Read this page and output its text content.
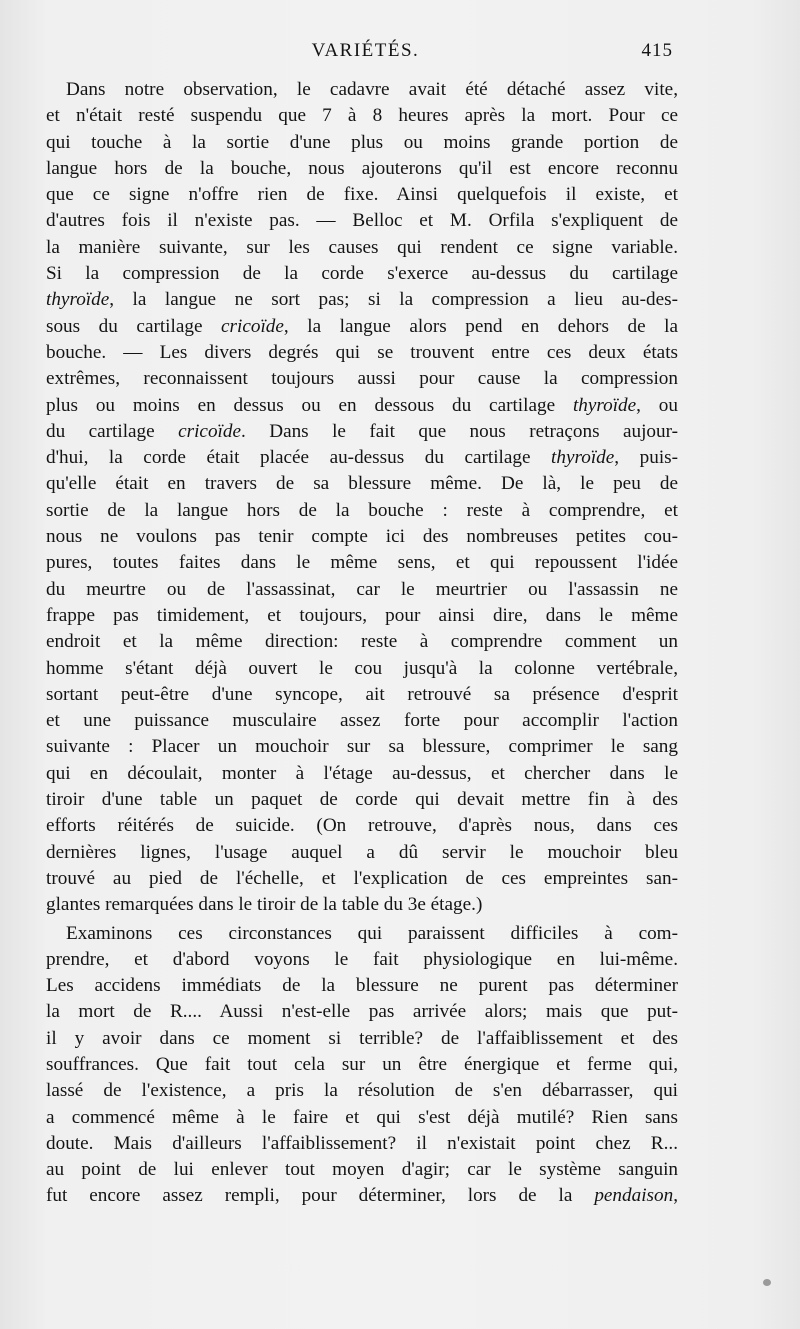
VARIÉTÉS.	415
Dans notre observation, le cadavre avait été détaché assez vite,
et n'était resté suspendu que 7 à 8 heures après la mort. Pour ce
qui touche à la sortie d'une plus ou moins grande portion de
langue hors de la bouche, nous ajouterons qu'il est encore reconnu
que ce signe n'offre rien de fixe. Ainsi quelquefois il existe, et
d'autres fois il n'existe pas. — Belloc et M. Orfila s'expliquent de
la manière suivante, sur les causes qui rendent ce signe variable.
Si la compression de la corde s'exerce au-dessus du cartilage
thyroïde, la langue ne sort pas; si la compression a lieu au-des-
sous du cartilage cricoïde, la langue alors pend en dehors de la
bouche. — Les divers degrés qui se trouvent entre ces deux états
extrêmes, reconnaissent toujours aussi pour cause la compression
plus ou moins en dessus ou en dessous du cartilage thyroïde, ou
du cartilage cricoïde. Dans le fait que nous retraçons aujour-
d'hui, la corde était placée au-dessus du cartilage thyroïde, puis-
qu'elle était en travers de sa blessure même. De là, le peu de
sortie de la langue hors de la bouche : reste à comprendre, et
nous ne voulons pas tenir compte ici des nombreuses petites cou-
pures, toutes faites dans le même sens, et qui repoussent l'idée
du meurtre ou de l'assassinat, car le meurtrier ou l'assassin ne
frappe pas timidement, et toujours, pour ainsi dire, dans le même
endroit et la même direction: reste à comprendre comment un
homme s'étant déjà ouvert le cou jusqu'à la colonne vertébrale,
sortant peut-être d'une syncope, ait retrouvé sa présence d'esprit
et une puissance musculaire assez forte pour accomplir l'action
suivante : Placer un mouchoir sur sa blessure, comprimer le sang
qui en découlait, monter à l'étage au-dessus, et chercher dans le
tiroir d'une table un paquet de corde qui devait mettre fin à des
efforts réitérés de suicide. (On retrouve, d'après nous, dans ces
dernières lignes, l'usage auquel a dû servir le mouchoir bleu
trouvé au pied de l'échelle, et l'explication de ces empreintes san-
glantes remarquées dans le tiroir de la table du 3e étage.)
Examinons ces circonstances qui paraissent difficiles à com-
prendre, et d'abord voyons le fait physiologique en lui-même.
Les accidens immédiats de la blessure ne purent pas déterminer
la mort de R.... Aussi n'est-elle pas arrivée alors; mais que put-
il y avoir dans ce moment si terrible? de l'affaiblissement et des
souffrances. Que fait tout cela sur un être énergique et ferme qui,
lassé de l'existence, a pris la résolution de s'en débarrasser, qui
a commencé même à le faire et qui s'est déjà mutilé? Rien sans
doute. Mais d'ailleurs l'affaiblissement? il n'existait point chez R...
au point de lui enlever tout moyen d'agir; car le système sanguin
fut encore assez rempli, pour déterminer, lors de la pendaison,
